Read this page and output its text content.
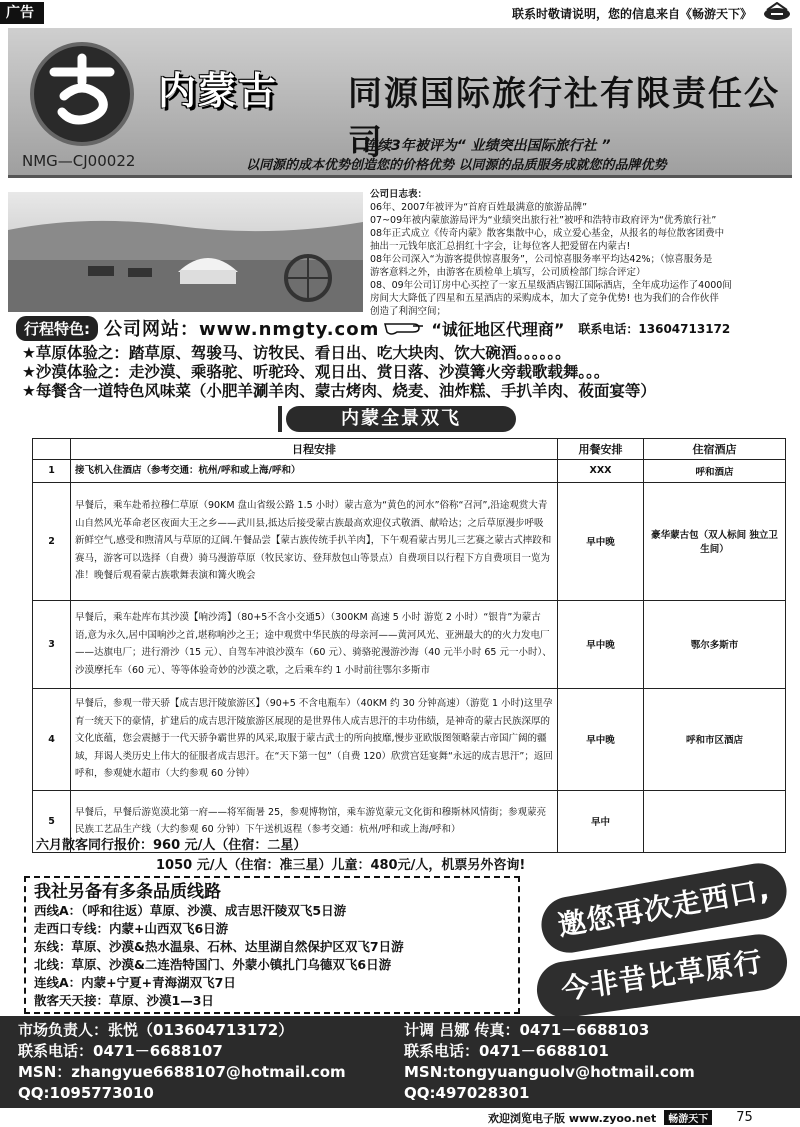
广告	联系时敬请说明，您的信息来自《畅游天下》
内蒙古 同源国际旅行社有限责任公司
连续3年被评为“ 业绩突出国际旅行社 ”
NMG—CJ00022	以同源的成本优势创造您的价格优势 以同源的品质服务成就您的品牌优势
公司日志表：
06年、2007年被评为“首府百姓最满意的旅游品牌”
07~09年被内蒙旅游局评为“业绩突出旅行社”被呼和浩特市政府评为“优秀旅行社”
08年正式成立《传奇内蒙》散客集散中心，成立爱心基金，从报名的每位散客团费中
抽出一元钱年底汇总捐红十字会，让每位客人把爱留在内蒙古!
08年公司深入“为游客提供惊喜服务”，公司惊喜服务率平均达42%；（惊喜服务是
游客意料之外，由游客在质检单上填写，公司质检部门综合评定）
08、09年公司订房中心买控了一家五星级酒店锡江国际酒店，全年成功运作了4000间
房间大大降低了四星和五星酒店的采购成本，加大了竞争优势! 也为我们的合作伙伴
创造了利润空间；
行程特色: 公司网站：www.nmgty.com	“诚征地区代理商” 联系电话：13604713172
★草原体验之：踏草原、驾骏马、访牧民、看日出、吃大块肉、饮大碗酒。。。。。。
★沙漠体验之：走沙漠、乘骆驼、听驼玲、观日出、赏日落、沙漠篝火旁载歌载舞。。。
★每餐含一道特色风味菜（小肥羊涮羊肉、蒙古烤肉、烧麦、油炸糕、手扒羊肉、莜面宴等）
内蒙全景双飞
	日程安排	用餐安排	住宿酒店
1	接飞机入住酒店（参考交通：杭州/呼和或上海/呼和）	XXX	呼和酒店
2	早餐后，乘车赴希拉穆仁草原（90KM 盘山省级公路 1.5 小时）蒙古意为“黄色的河水”俗称“召河”,沿途观赏大青山自然风光革命老区夜面大王之乡——武川县,抵达后接受蒙古族最高欢迎仪式敬酒、献哈达；之后草原漫步呼吸新鲜空气,感受和煦清风与草原的辽阔.午餐品尝【蒙古族传统手扒羊肉】，下午观看蒙古男儿三艺赛之蒙古式摔跤和赛马，游客可以选择（自费）骑马漫游草原（牧民家访、登拜敖包山等景点）自费项目以行程下方自费项目一览为准！晚餐后观看蒙古族歌舞表演和篝火晚会	早中晚	豪华蒙古包（双人标间 独立卫生间）
3	早餐后，乘车赴库布其沙漠【响沙湾】（80+5不含小交通5）（300KM 高速 5 小时 游览 2 小时）“银肯”为蒙古语,意为永久,居中国响沙之首,堪称响沙之王；途中观赏中华民族的母亲河——黄河风光、亚洲最大的的火力发电厂——达旗电厂；进行滑沙（15 元）、自驾车冲浪沙漠车（60 元）、骑骆驼漫游沙海（40 元半小时 65 元一小时）、沙漠摩托车（60 元）、等等体验奇妙的沙漠之歌，之后乘车约 1 小时前往鄂尔多斯市	早中晚	鄂尔多斯市
4	早餐后，参观一带天骄【成吉思汗陵旅游区】（90+5 不含电瓶车）（40KM 约 30 分钟高速）（游览 1 小时)这里孕育一统天下的豪情，扩建后的成吉思汗陵旅游区展现的是世界伟人成吉思汗的丰功伟绩，是神奇的蒙古民族深厚的文化底蕴，您会震撼于一代天骄争霸世界的风采,取服于蒙古武士的所向披靡,慢步亚欧版图领略蒙古帝国广阔的疆域，拜谒人类历史上伟大的征服者成吉思汗。在“天下第一包”（自费 120）欣赏宫廷宴舞“永远的成吉思汗”；返回呼和，参观婕水超市（大约参观 60 分钟）	早中晚	呼和市区酒店
5	早餐后，早餐后游览漠北第一府——将军衙暑 25，参观博物馆，乘车游览蒙元文化街和穆斯林风情街；参观蒙亮民族工艺品生产线（大约参观 60 分钟）下午送机返程（参考交通：杭州/呼和或上海/呼和）	早中	
六月散客同行报价：960 元/人（住宿：二星）
1050 元/人（住宿：准三星）儿童：480元/人，机票另外咨询!
我社另备有多条品质线路
西线A：（呼和往返）草原、沙漠、成吉思汗陵双飞5日游
走西口专线：内蒙+山西双飞6日游
东线：草原、沙漠&热水温泉、石林、达里湖自然保护区双飞7日游
北线：草原、沙漠&二连浩特国门、外蒙小镇扎门乌德双飞6日游
连线A：内蒙+宁夏+青海湖双飞7日
散客天天接：草原、沙漠1—3日
邀您再次走西口,
今非昔比草原行
市场负责人：张悦（013604713172）
联系电话：0471－6688107
MSN：zhangyue6688107@hotmail.com
QQ:1095773010
计调 吕娜 传真：0471－6688103
联系电话：0471－6688101
MSN:tongyuanguolv@hotmail.com
QQ:497028301
欢迎浏览电子版 www.zyoo.net	畅游天下	75
